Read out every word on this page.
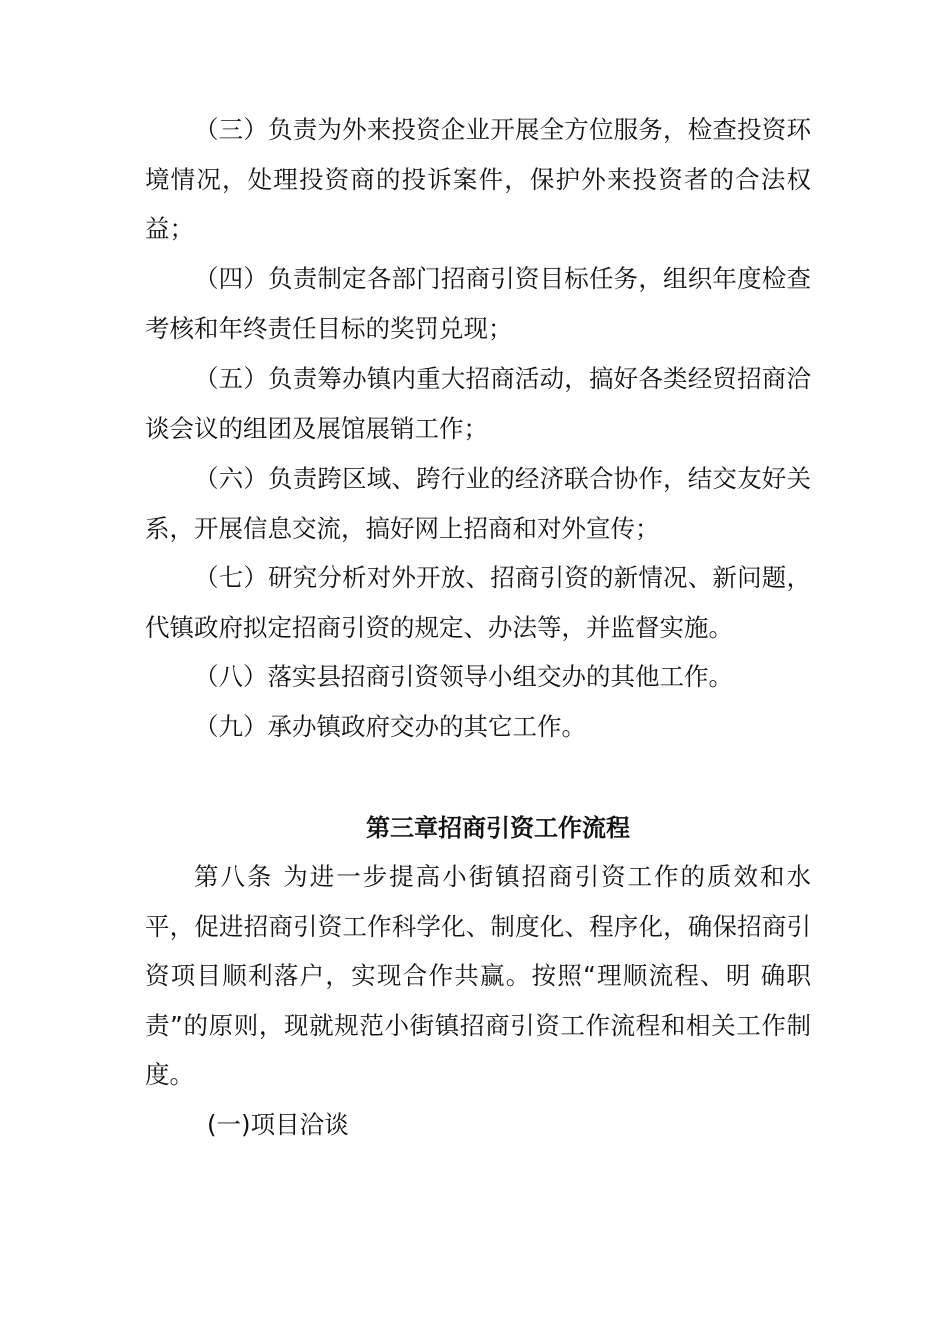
（三）负责为外来投资企业开展全方位服务，检查投资环境情况，处理投资商的投诉案件，保护外来投资者的合法权益；

（四）负责制定各部门招商引资目标任务，组织年度检查考核和年终责任目标的奖罚兑现；

（五）负责筹办镇内重大招商活动，搞好各类经贸招商洽谈会议的组团及展馆展销工作；

（六）负责跨区域、跨行业的经济联合协作，结交友好关系，开展信息交流，搞好网上招商和对外宣传；

（七）研究分析对外开放、招商引资的新情况、新问题，代镇政府拟定招商引资的规定、办法等，并监督实施。

（八）落实县招商引资领导小组交办的其他工作。

（九）承办镇政府交办的其它工作。

第三章招商引资工作流程

第八条 为进一步提高小街镇招商引资工作的质效和水平，促进招商引资工作科学化、制度化、程序化，确保招商引资项目顺利落户，实现合作共赢。按照“理顺流程、明 确职责”的原则，现就规范小街镇招商引资工作流程和相关工作制度。

(一)项目洽谈
